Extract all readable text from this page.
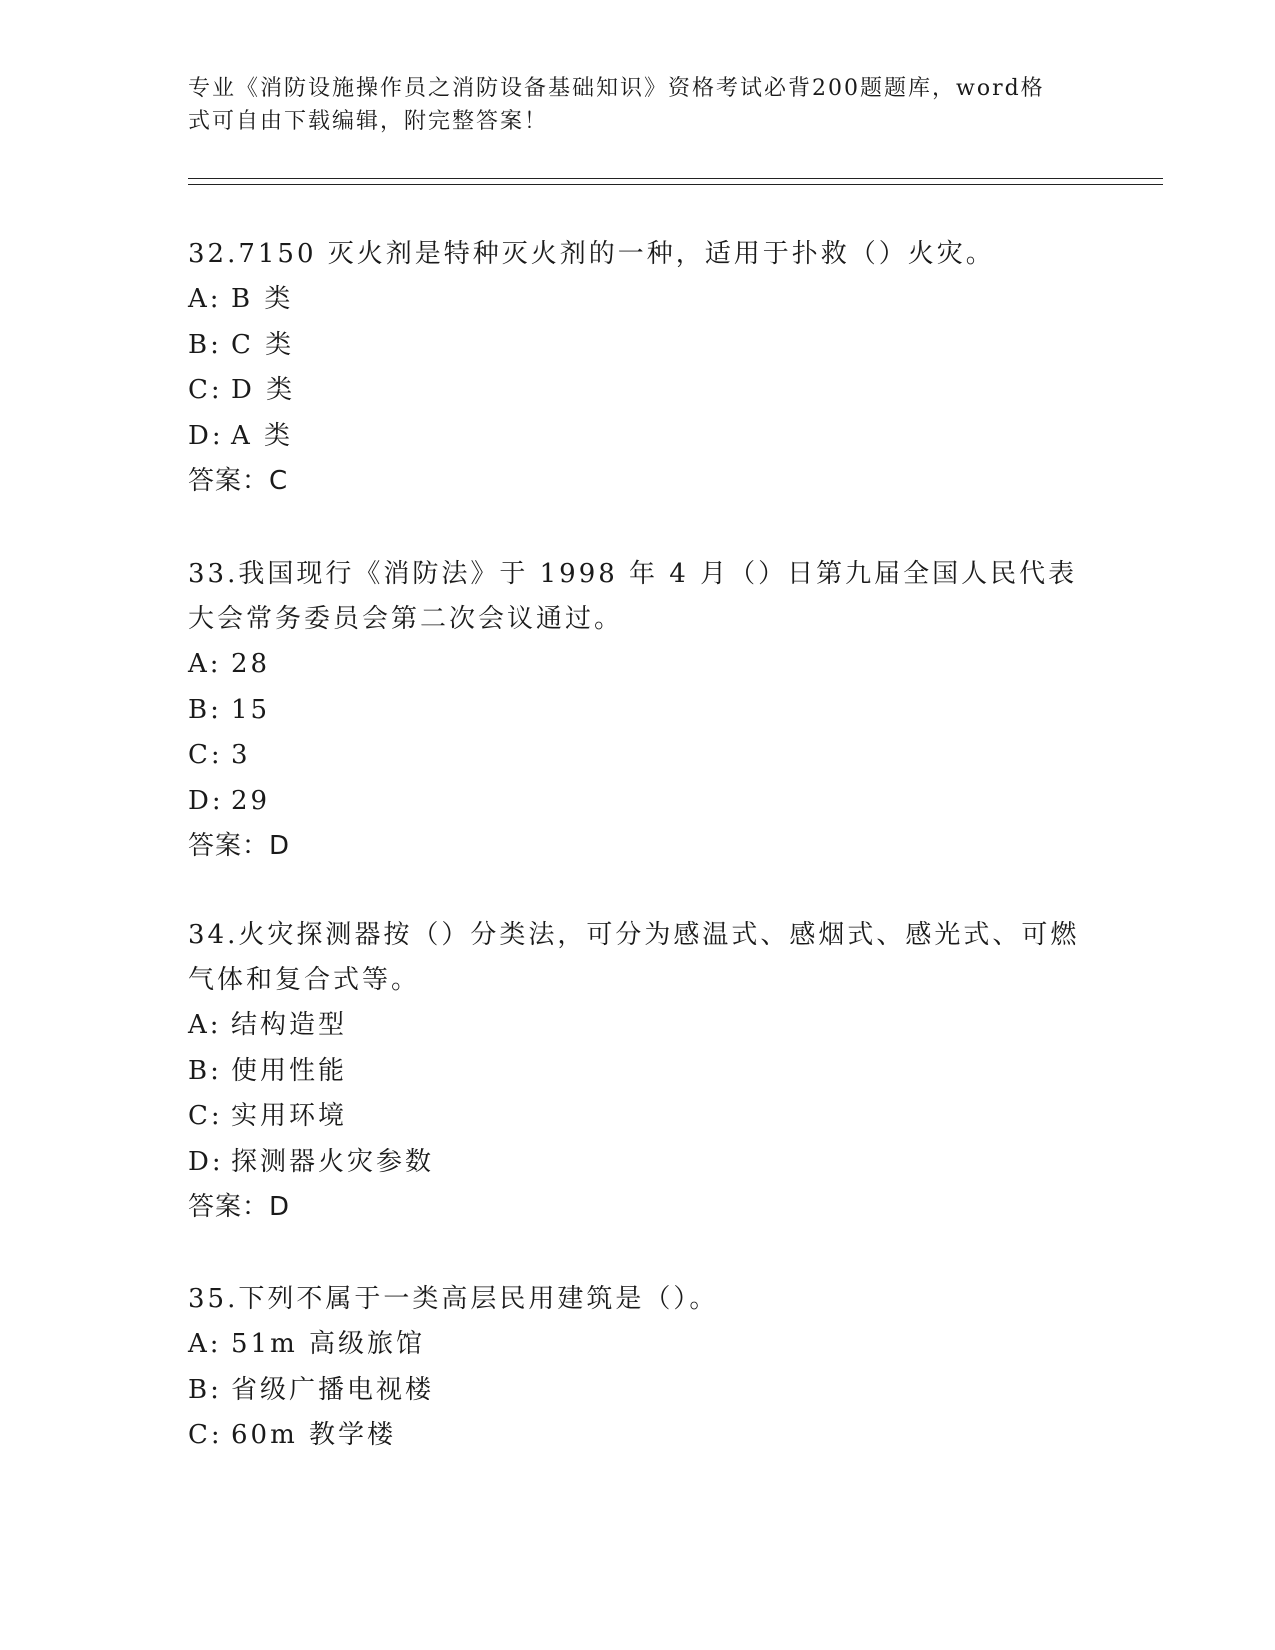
专业《消防设施操作员之消防设备基础知识》资格考试必背200题题库，word格式可自由下载编辑，附完整答案！

32.7150 灭火剂是特种灭火剂的一种，适用于扑救（）火灾。

A: B 类

B: C 类

C: D 类

D: A 类

答案：C

33.我国现行《消防法》于 1998 年 4 月（）日第九届全国人民代表大会常务委员会第二次会议通过。

A: 28

B: 15

C: 3

D: 29

答案：D

34.火灾探测器按（）分类法，可分为感温式、感烟式、感光式、可燃气体和复合式等。

A: 结构造型

B: 使用性能

C: 实用环境

D: 探测器火灾参数

答案：D

35.下列不属于一类高层民用建筑是（）。

A: 51m 高级旅馆

B: 省级广播电视楼

C: 60m 教学楼
